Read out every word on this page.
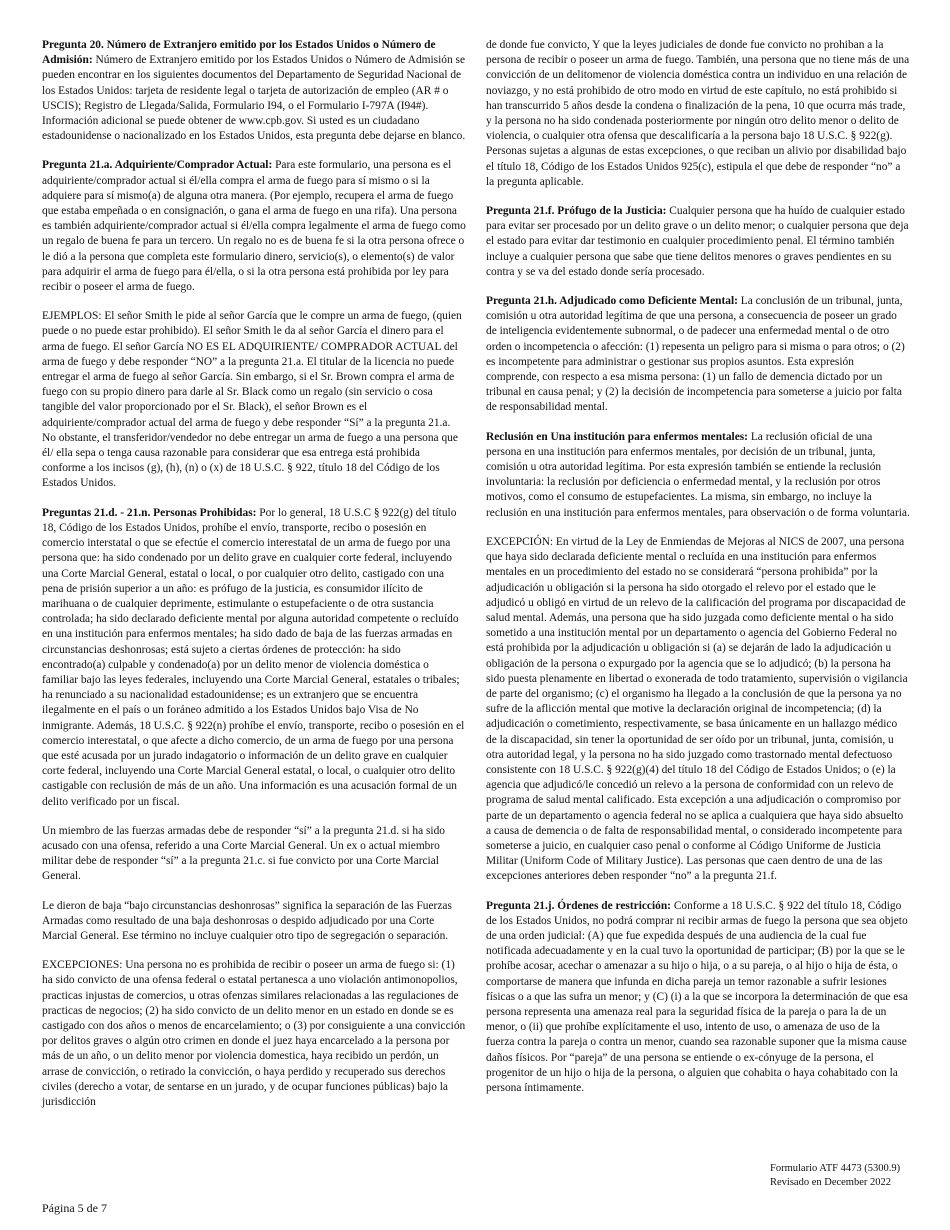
Pregunta 20. Número de Extranjero emitido por los Estados Unidos o Número de Admisión: Número de Extranjero emitido por los Estados Unidos o Número de Admisión se pueden encontrar en los siguientes documentos del Departamento de Seguridad Nacional de los Estados Unidos: tarjeta de residente legal o tarjeta de autorización de empleo (AR # o USCIS); Registro de Llegada/Salida, Formulario I94, o el Formulario I-797A (I94#). Información adicional se puede obtener de www.cpb.gov. Si usted es un ciudadano estadounidense o nacionalizado en los Estados Unidos, esta pregunta debe dejarse en blanco.

Pregunta 21.a. Adquiriente/Comprador Actual: Para este formulario, una persona es el adquiriente/comprador actual si él/ella compra el arma de fuego para sí mismo o si la adquiere para sí mismo(a) de alguna otra manera. (Por ejemplo, recupera el arma de fuego que estaba empeñada o en consignación, o gana el arma de fuego en una rifa). Una persona es también adquiriente/comprador actual si él/ella compra legalmente el arma de fuego como un regalo de buena fe para un tercero. Un regalo no es de buena fe si la otra persona ofrece o le dió a la persona que completa este formulario dinero, servicio(s), o elemento(s) de valor para adquirir el arma de fuego para él/ella, o si la otra persona está prohibida por ley para recibir o poseer el arma de fuego.

EJEMPLOS: El señor Smith le pide al señor García que le compre un arma de fuego, (quien puede o no puede estar prohibido). El señor Smith le da al señor García el dinero para el arma de fuego. El señor García NO ES EL ADQUIRIENTE/ COMPRADOR ACTUAL del arma de fuego y debe responder “NO” a la pregunta 21.a. El titular de la licencia no puede entregar el arma de fuego al señor García. Sin embargo, si el Sr. Brown compra el arma de fuego con su propio dinero para darle al Sr. Black como un regalo (sin servicio o cosa tangible del valor proporcionado por el Sr. Black), el señor Brown es el adquiriente/comprador actual del arma de fuego y debe responder “Sí” a la pregunta 21.a. No obstante, el transferidor/vendedor no debe entregar un arma de fuego a una persona que él/ ella sepa o tenga causa razonable para considerar que esa entrega está prohibida conforme a los incisos (g), (h), (n) o (x) de 18 U.S.C. § 922, título 18 del Código de los Estados Unidos.

Preguntas 21.d. - 21.n. Personas Prohibidas: Por lo general, 18 U.S.C § 922(g) del título 18, Código de los Estados Unidos, prohíbe el envío, transporte, recibo o posesión en comercio interstatal o que se efectúe el comercio interestatal de un arma de fuego por una persona que: ha sido condenado por un delito grave en cualquier corte federal, incluyendo una Corte Marcial General, estatal o local, o por cualquier otro delito, castigado con una pena de prisión superior a un año: es prófugo de la justicia, es consumidor ilícito de marihuana o de cualquier deprimente, estimulante o estupefaciente o de otra sustancia controlada; ha sido declarado deficiente mental por alguna autoridad competente o recluído en una institución para enfermos mentales; ha sido dado de baja de las fuerzas armadas en circunstancias deshonrosas; está sujeto a ciertas órdenes de protección: ha sido encontrado(a) culpable y condenado(a) por un delito menor de violencia doméstica o familiar bajo las leyes federales, incluyendo una Corte Marcial General, estatales o tribales; ha renunciado a su nacionalidad estadounidense; es un extranjero que se encuentra ilegalmente en el país o un foráneo admitido a los Estados Unidos bajo Visa de No inmigrante. Además, 18 U.S.C. § 922(n) prohíbe el envío, transporte, recibo o posesión en el comercio interestatal, o que afecte a dicho comercio, de un arma de fuego por una persona que esté acusada por un jurado indagatorio o información de un delito grave en cualquier corte federal, incluyendo una Corte Marcial General estatal, o local, o cualquier otro delito castigable con reclusión de más de un año. Una información es una acusación formal de un delito verificado por un fiscal.

Un miembro de las fuerzas armadas debe de responder “sí” a la pregunta 21.d. si ha sido acusado con una ofensa, referido a una Corte Marcial General. Un ex o actual miembro militar debe de responder “sí” a la pregunta 21.c. si fue convicto por una Corte Marcial General.

Le dieron de baja “bajo circunstancias deshonrosas” significa la separación de las Fuerzas Armadas como resultado de una baja deshonrosas o despido adjudicado por una Corte Marcial General. Ese término no incluye cualquier otro tipo de segregación o separación.

EXCEPCIONES: Una persona no es prohibida de recibir o poseer un arma de fuego si: (1) ha sido convicto de una ofensa federal o estatal pertanesca a uno violación antimonopolios, practicas injustas de comercios, u otras ofenzas similares relacionadas a las regulaciones de practicas de negocios; (2) ha sido convicto de un delito menor en un estado en donde se es castigado con dos años o menos de encarcelamiento; o (3) por consiguiente a una convicción por delitos graves o algún otro crimen en donde el juez haya encarcelado a la persona por más de un año, o un delito menor por violencia domestica, haya recibido un perdón, un arrase de convicción, o retirado la convicción, o haya perdido y recuperado sus derechos civiles (derecho a votar, de sentarse en un jurado, y de ocupar funciones públicas) bajo la jurisdicción

de donde fue convicto, Y que la leyes judiciales de donde fue convicto no prohiban a la persona de recibir o poseer un arma de fuego. También, una persona que no tiene más de una convicción de un delitomenor de violencia doméstica contra un individuo en una relación de noviazgo, y no está prohibido de otro modo en virtud de este capítulo, no está prohibido si han transcurrido 5 años desde la condena o finalización de la pena, 10 que ocurra más trade, y la persona no ha sido condenada posteriormente por ningún otro delito menor o delito de violencia, o cualquier otra ofensa que descalificaría a la persona bajo 18 U.S.C. § 922(g). Personas sujetas a algunas de estas excepciones, o que reciban un alivio por disabilidad bajo el título 18, Código de los Estados Unidos 925(c), estipula el que debe de responder “no” a la pregunta aplicable.

Pregunta 21.f. Prófugo de la Justicia: Cualquier persona que ha huído de cualquier estado para evitar ser procesado por un delito grave o un delito menor; o cualquier persona que deja el estado para evitar dar testimonio en cualquier procedimiento penal. El término también incluye a cualquier persona que sabe que tiene delitos menores o graves pendientes en su contra y se va del estado donde sería procesado.

Pregunta 21.h. Adjudicado como Deficiente Mental: La conclusión de un tribunal, junta, comisión u otra autoridad legítima de que una persona, a consecuencia de poseer un grado de inteligencia evidentemente subnormal, o de padecer una enfermedad mental o de otro orden o incompetencia o afección: (1) repesenta un peligro para si misma o para otros; o (2) es incompetente para administrar o gestionar sus propios asuntos. Esta expresión comprende, con respecto a esa misma persona: (1) un fallo de demencia dictado por un tribunal en causa penal; y (2) la decisión de incompetencia para someterse a juicio por falta de responsabilidad mental.

Reclusión en Una institución para enfermos mentales: La reclusión oficial de una persona en una institución para enfermos mentales, por decisión de un tribunal, junta, comisión u otra autoridad legítima. Por esta expresión también se entiende la reclusión involuntaria: la reclusión por deficiencia o enfermedad mental, y la reclusión por otros motivos, como el consumo de estupefacientes. La misma, sin embargo, no incluye la reclusión en una institución para enfermos mentales, para observación o de forma voluntaria.

EXCEPCIÓN: En virtud de la Ley de Enmiendas de Mejoras al NICS de 2007, una persona que haya sido declarada deficiente mental o recluída en una institución para enfermos mentales en un procedimiento del estado no se considerará “persona prohibida” por la adjudicación u obligación si la persona ha sido otorgado el relevo por el estado que le adjudicó u obligó en virtud de un relevo de la calificación del programa por discapacidad de salud mental. Además, una persona que ha sido juzgada como deficiente mental o ha sido sometido a una institución mental por un departamento o agencia del Gobierno Federal no está prohibida por la adjudicación u obligación si (a) se dejarán de lado la adjudicación u obligación de la persona o expurgado por la agencia que se lo adjudicó; (b) la persona ha sido puesta plenamente en libertad o exonerada de todo tratamiento, supervisión o vigilancia de parte del organismo; (c) el organismo ha llegado a la conclusión de que la persona ya no sufre de la aflicción mental que motive la declaración original de incompetencia; (d) la adjudicación o cometimiento, respectivamente, se basa únicamente en un hallazgo médico de la discapacidad, sin tener la oportunidad de ser oído por un tribunal, junta, comisión, u otra autoridad legal, y la persona no ha sido juzgado como trastornado mental defectuoso consistente con 18 U.S.C. § 922(g)(4) del título 18 del Código de Estados Unidos; o (e) la agencia que adjudicó/le concedió un relevo a la persona de conformidad con un relevo de programa de salud mental calificado. Esta excepción a una adjudicación o compromiso por parte de un departamento o agencia federal no se aplica a cualquiera que haya sido absuelto a causa de demencia o de falta de responsabilidad mental, o considerado incompetente para someterse a juicio, en cualquier caso penal o conforme al Código Uniforme de Justicia Militar (Uniform Code of Military Justice). Las personas que caen dentro de una de las excepciones anteriores deben responder “no” a la pregunta 21.f.

Pregunta 21.j. Órdenes de restricción: Conforme a 18 U.S.C. § 922 del título 18, Código de los Estados Unidos, no podrá comprar ni recibir armas de fuego la persona que sea objeto de una orden judicial: (A) que fue expedida después de una audiencia de la cual fue notificada adecuadamente y en la cual tuvo la oportunidad de participar; (B) por la que se le prohíbe acosar, acechar o amenazar a su hijo o hija, o a su pareja, o al hijo o hija de ésta, o comportarse de manera que infunda en dicha pareja un temor razonable a sufrir lesiones físicas o a que las sufra un menor; y (C) (i) a la que se incorpora la determinación de que esa persona representa una amenaza real para la seguridad física de la pareja o para la de un menor, o (ii) que prohíbe explícitamente el uso, intento de uso, o amenaza de uso de la fuerza contra la pareja o contra un menor, cuando sea razonable suponer que la misma cause daños físicos. Por “pareja” de una persona se entiende o ex-cónyuge de la persona, el progenitor de un hijo o hija de la persona, o alguien que cohabita o haya cohabitado con la persona íntimamente.

Página 5 de 7
Formulario ATF 4473 (5300.9)
Revisado en December 2022
